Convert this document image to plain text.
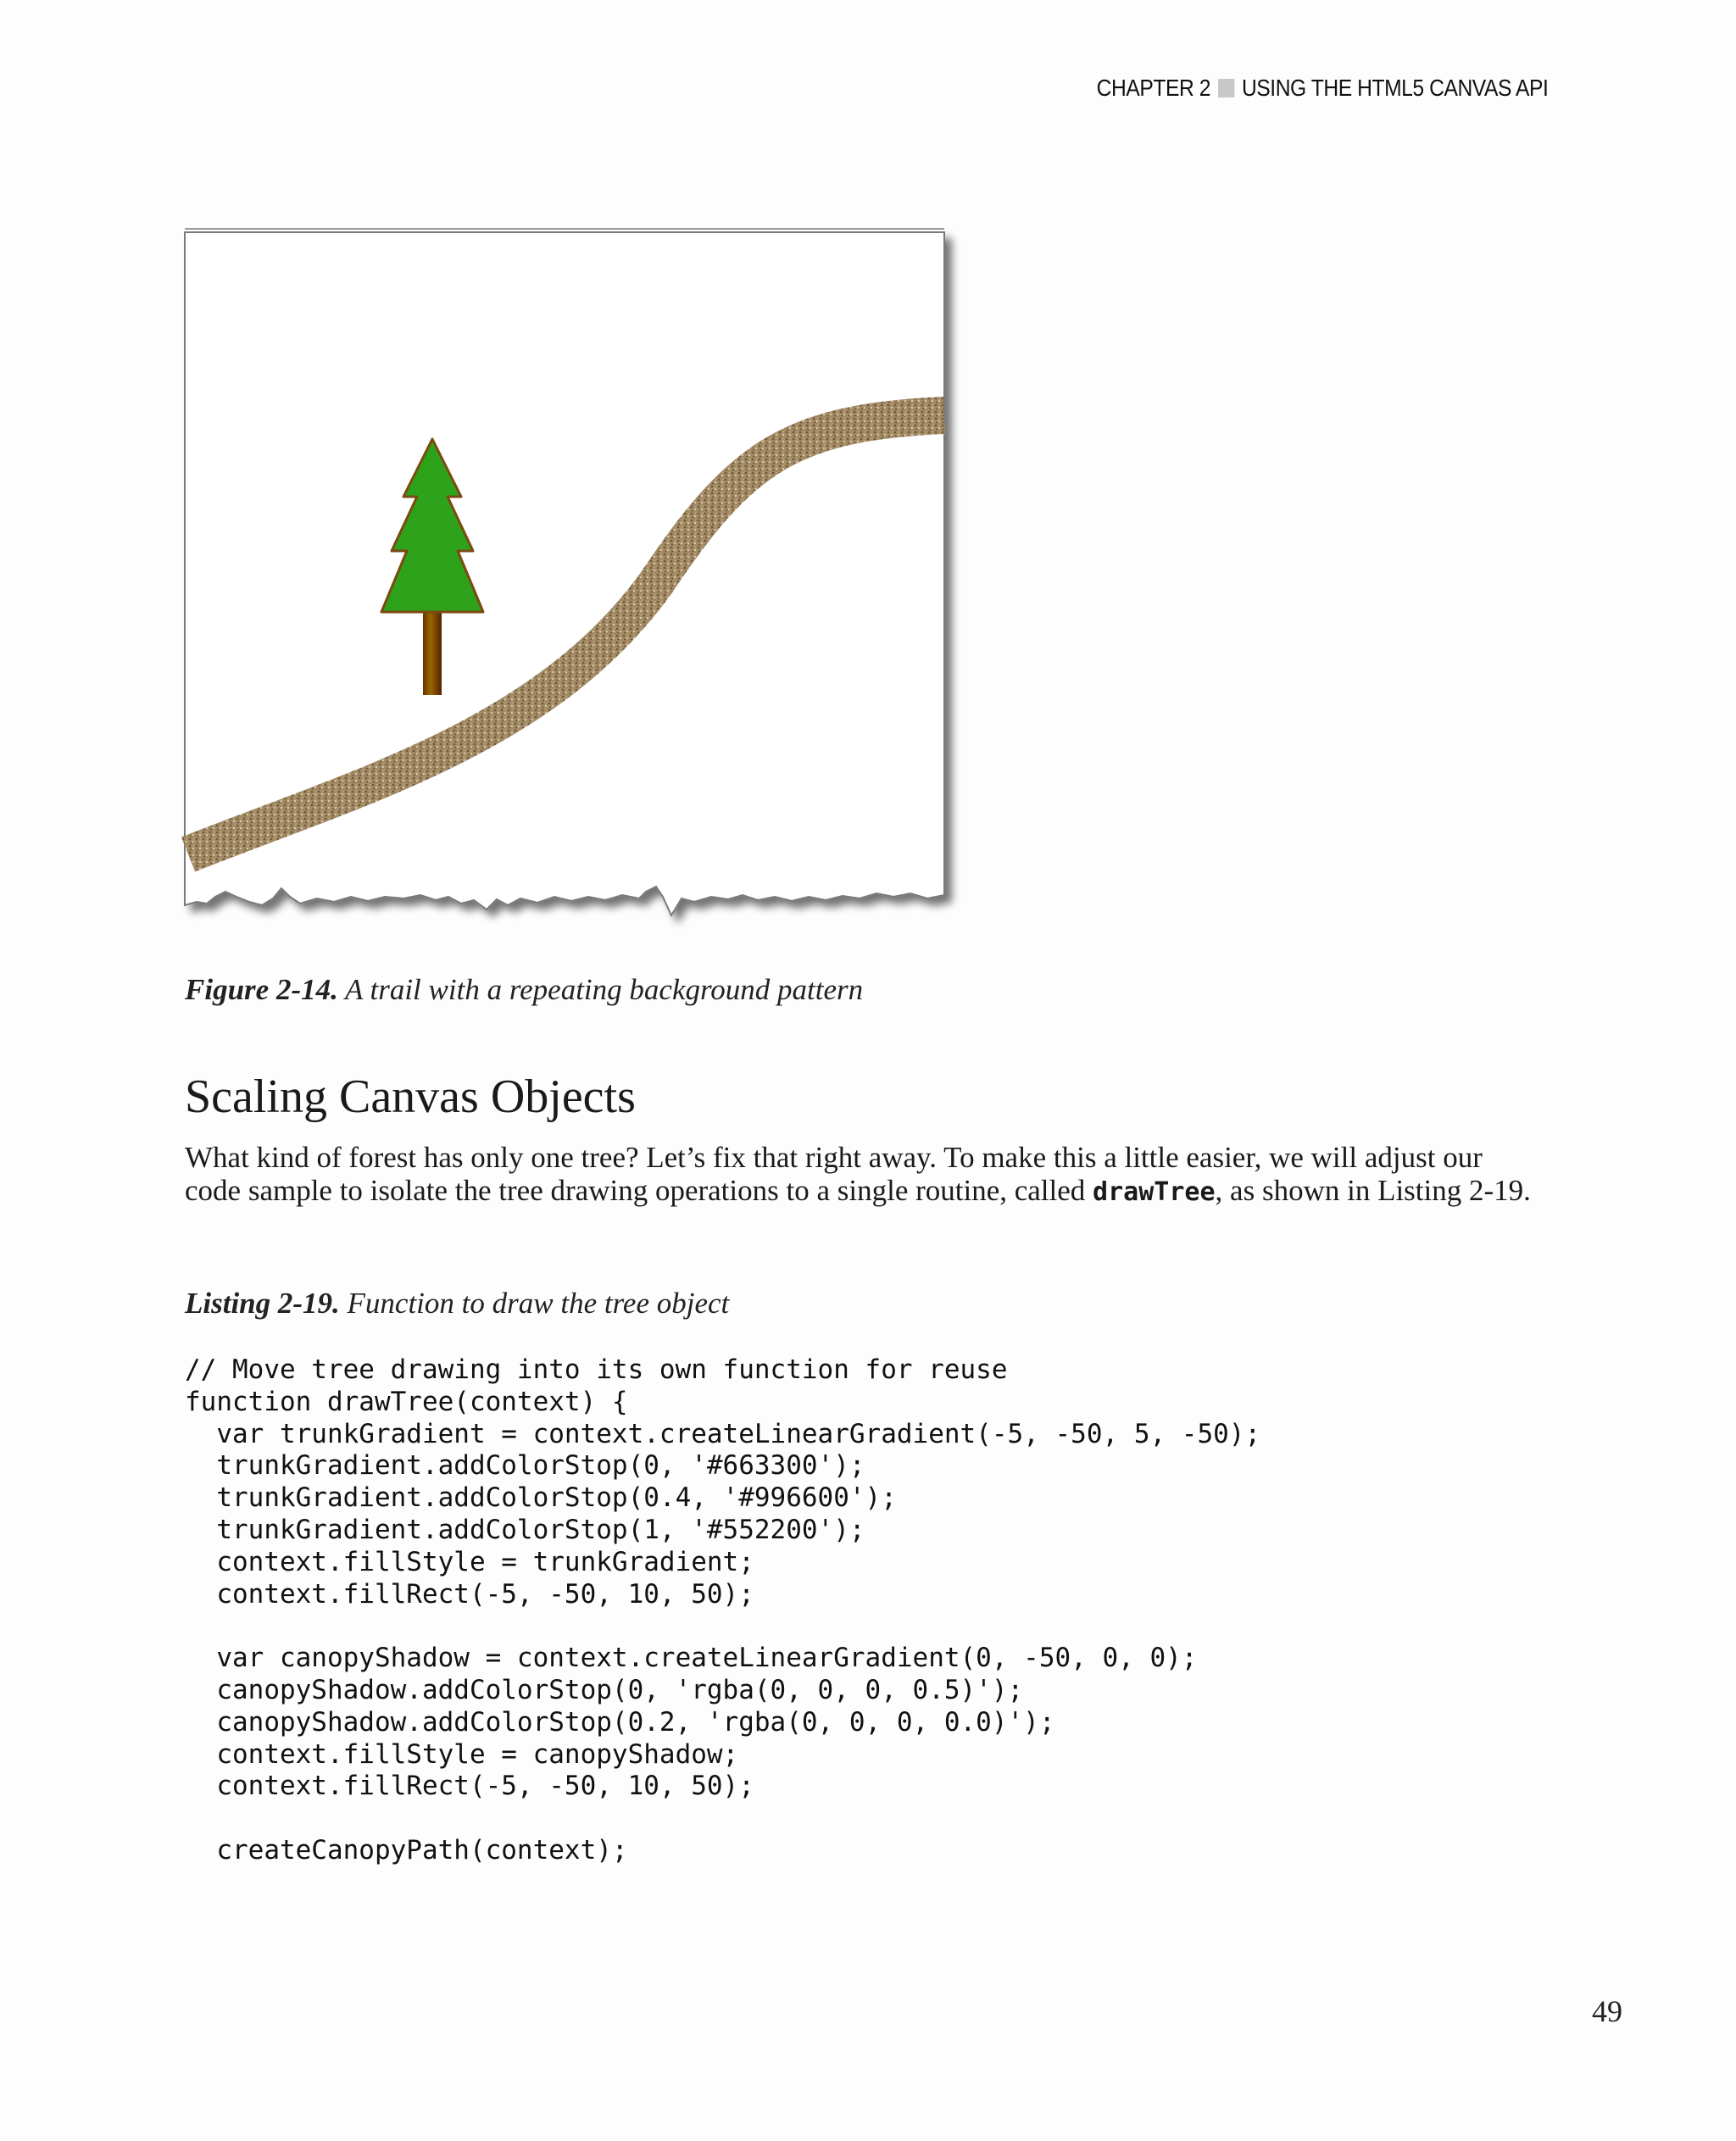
CHAPTER 2 USING THE HTML5 CANVAS API
Figure 2-14. A trail with a repeating background pattern
Scaling Canvas Objects
What kind of forest has only one tree? Let’s fix that right away. To make this a little easier, we will adjust our code sample to isolate the tree drawing operations to a single routine, called drawTree, as shown in Listing 2-19.
Listing 2-19. Function to draw the tree object
// Move tree drawing into its own function for reuse
function drawTree(context) {
var trunkGradient = context.createLinearGradient(-5, -50, 5, -50);
trunkGradient.addColorStop(0, '#663300');
trunkGradient.addColorStop(0.4, '#996600');
trunkGradient.addColorStop(1, '#552200');
context.fillStyle = trunkGradient;
context.fillRect(-5, -50, 10, 50);
var canopyShadow = context.createLinearGradient(0, -50, 0, 0);
canopyShadow.addColorStop(0, 'rgba(0, 0, 0, 0.5)');
canopyShadow.addColorStop(0.2, 'rgba(0, 0, 0, 0.0)');
context.fillStyle = canopyShadow;
context.fillRect(-5, -50, 10, 50);
createCanopyPath(context);
49
